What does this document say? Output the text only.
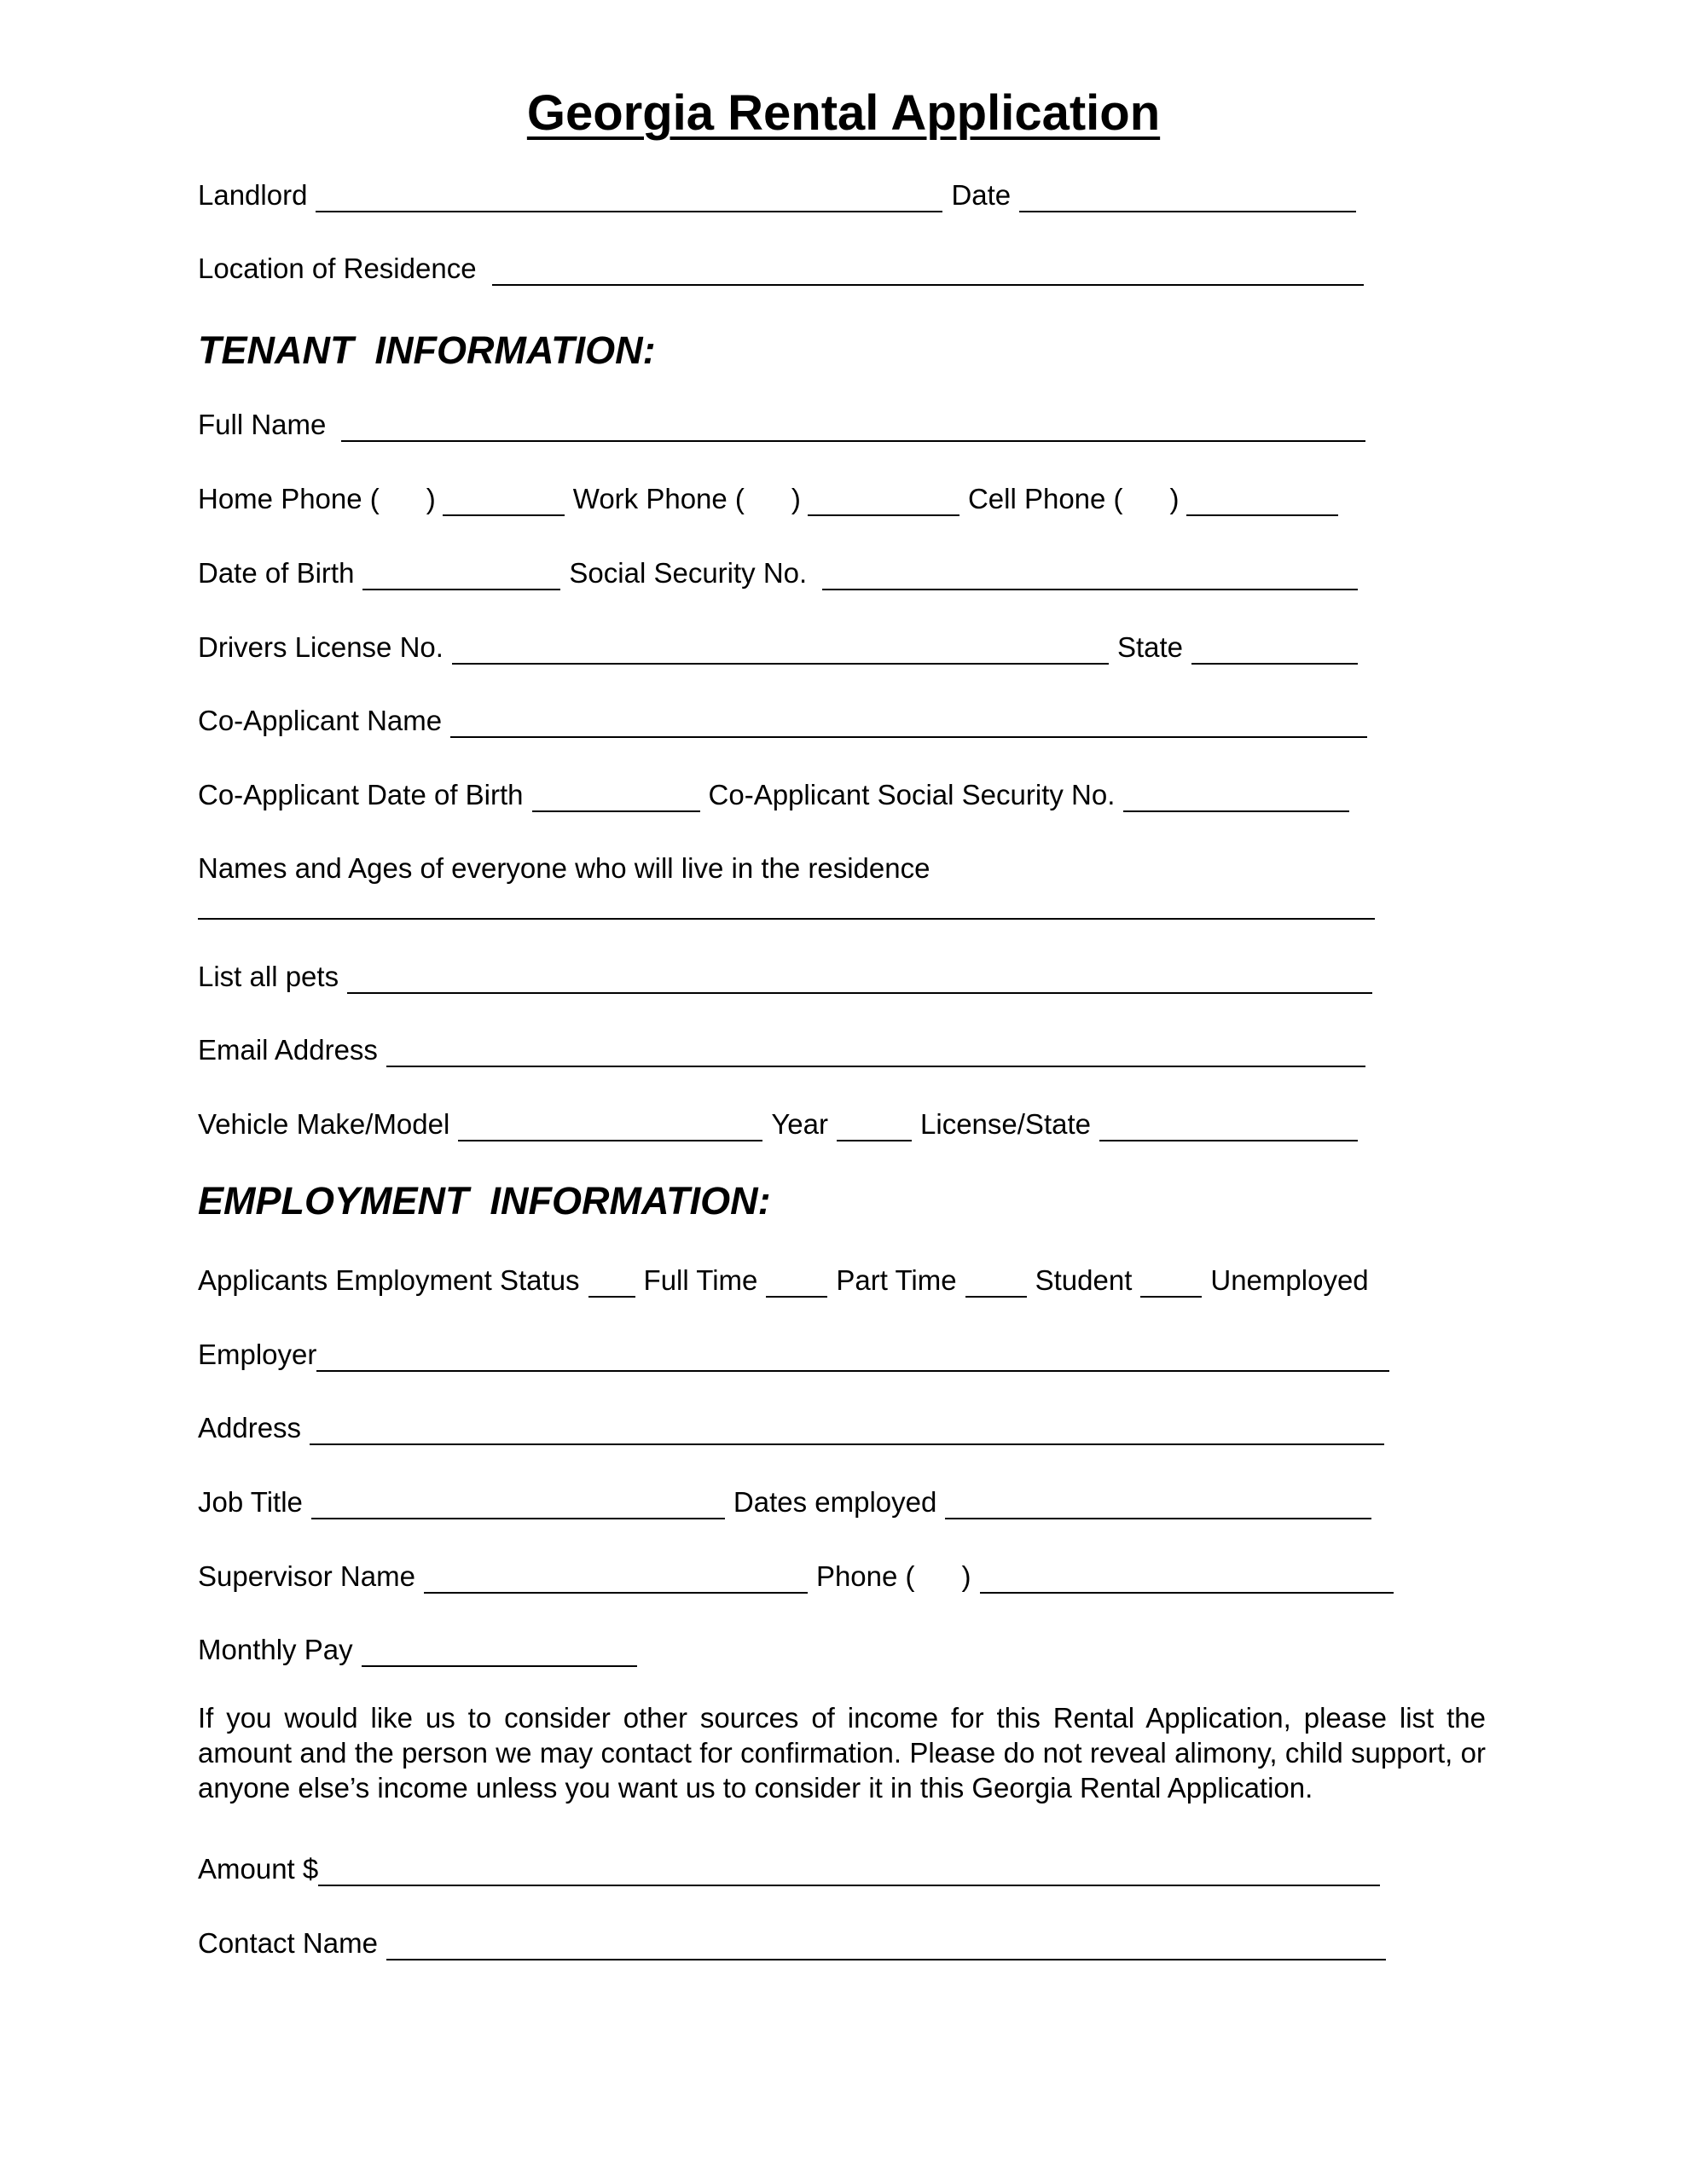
Georgia Rental Application
Landlord	Date
Location of Residence
TENANT  INFORMATION:
Full Name
Home Phone (      )	Work Phone (      )	Cell Phone (      )
Date of Birth	Social Security No.
Drivers License No.	State
Co-Applicant Name
Co-Applicant Date of Birth	Co-Applicant Social Security No.
Names and Ages of everyone who will live in the residence
List all pets
Email Address
Vehicle Make/Model	Year	License/State
EMPLOYMENT  INFORMATION:
Applicants Employment Status Full Time	Part Time	Student	Unemployed
Employer
Address
Job Title	Dates employed
Supervisor Name	Phone (      )
Monthly Pay
If you would like us to consider other sources of income for this Rental Application, please list the amount and the person we may contact for confirmation. Please do not reveal alimony, child support, or anyone else’s income unless you want us to consider it in this Georgia Rental Application.
Amount $
Contact Name
